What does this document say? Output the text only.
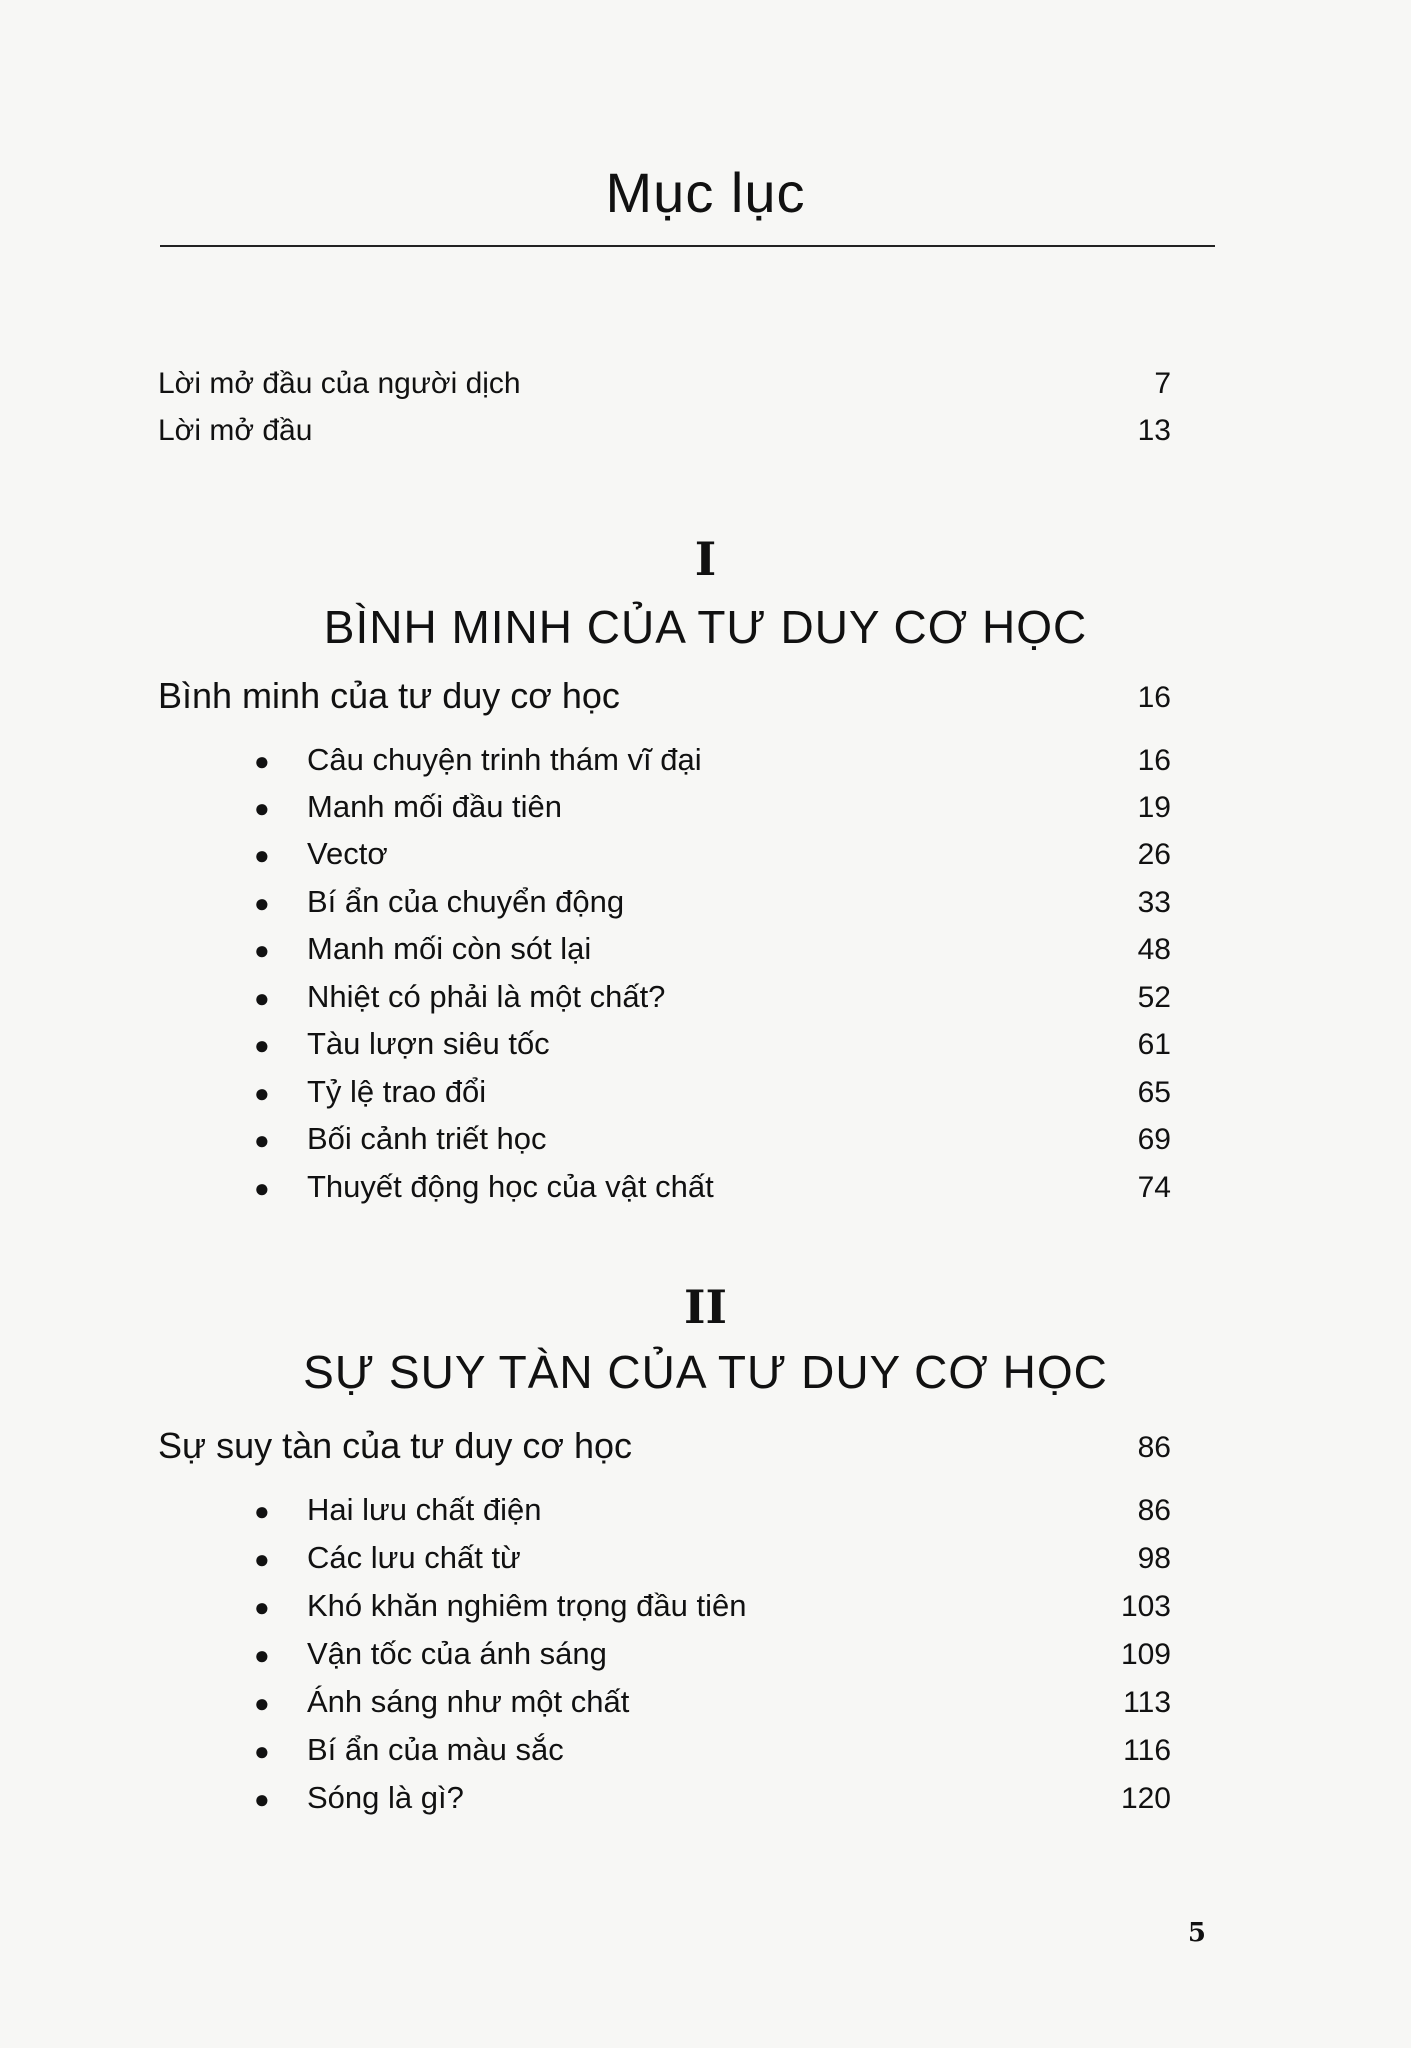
Mục lục
Lời mở đầu của người dịch	7
Lời mở đầu	13
I
BÌNH MINH CỦA TƯ DUY CƠ HỌC
Bình minh của tư duy cơ học	16
● Câu chuyện trinh thám vĩ đại	16
● Manh mối đầu tiên	19
● Vectơ	26
● Bí ẩn của chuyển động	33
● Manh mối còn sót lại	48
● Nhiệt có phải là một chất?	52
● Tàu lượn siêu tốc	61
● Tỷ lệ trao đổi	65
● Bối cảnh triết học	69
● Thuyết động học của vật chất	74
II
SỰ SUY TÀN CỦA TƯ DUY CƠ HỌC
Sự suy tàn của tư duy cơ học	86
● Hai lưu chất điện	86
● Các lưu chất từ	98
● Khó khăn nghiêm trọng đầu tiên	103
● Vận tốc của ánh sáng	109
● Ánh sáng như một chất	113
● Bí ẩn của màu sắc	116
● Sóng là gì?	120
5
